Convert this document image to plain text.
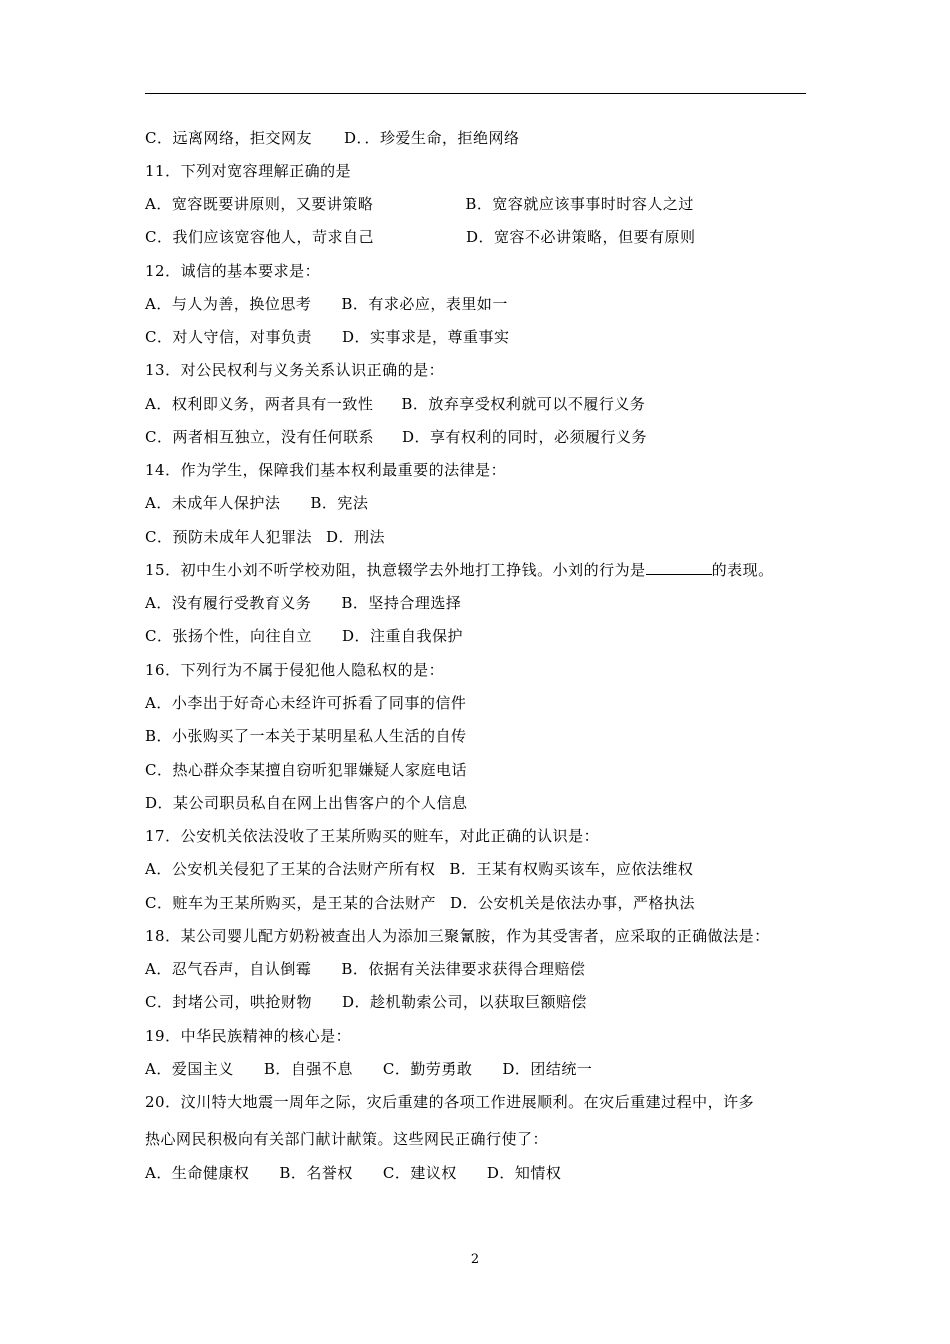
C．远离网络，拒交网友 D．．珍爱生命，拒绝网络
11．下列对宽容理解正确的是
A．宽容既要讲原则，又要讲策略	B．宽容就应该事事时时容人之过
C．我们应该宽容他人，苛求自己	D．宽容不必讲策略，但要有原则
12．诚信的基本要求是：
A．与人为善，换位思考 B．有求必应，表里如一
C．对人守信，对事负责 D．实事求是，尊重事实
13．对公民权利与义务关系认识正确的是：
A．权利即义务，两者具有一致性 B．放弃享受权利就可以不履行义务
C．两者相互独立，没有任何联系 D．享有权利的同时，必须履行义务
14．作为学生，保障我们基本权利最重要的法律是：
A．未成年人保护法 B．宪法
C．预防未成年人犯罪法 D．刑法
15．初中生小刘不听学校劝阻，执意辍学去外地打工挣钱。小刘的行为是	的表现。
A．没有履行受教育义务 B．坚持合理选择
C．张扬个性，向往自立 D．注重自我保护
16．下列行为不属于侵犯他人隐私权的是：
A．小李出于好奇心未经许可拆看了同事的信件
B．小张购买了一本关于某明星私人生活的自传
C．热心群众李某擅自窃听犯罪嫌疑人家庭电话
D．某公司职员私自在网上出售客户的个人信息
17．公安机关依法没收了王某所购买的赃车，对此正确的认识是：
A．公安机关侵犯了王某的合法财产所有权 B．王某有权购买该车，应依法维权
C．赃车为王某所购买，是王某的合法财产 D．公安机关是依法办事，严格执法
18．某公司婴儿配方奶粉被查出人为添加三聚氰胺，作为其受害者，应采取的正确做法是：
A．忍气吞声，自认倒霉 B．依据有关法律要求获得合理赔偿
C．封堵公司，哄抢财物 D．趁机勒索公司，以获取巨额赔偿
19．中华民族精神的核心是：
A．爱国主义 B．自强不息 C．勤劳勇敢 D．团结统一
20．汶川特大地震一周年之际，灾后重建的各项工作进展顺利。在灾后重建过程中，许多
热心网民积极向有关部门献计献策。这些网民正确行使了：
A．生命健康权 B．名誉权 C．建议权 D．知情权
2
